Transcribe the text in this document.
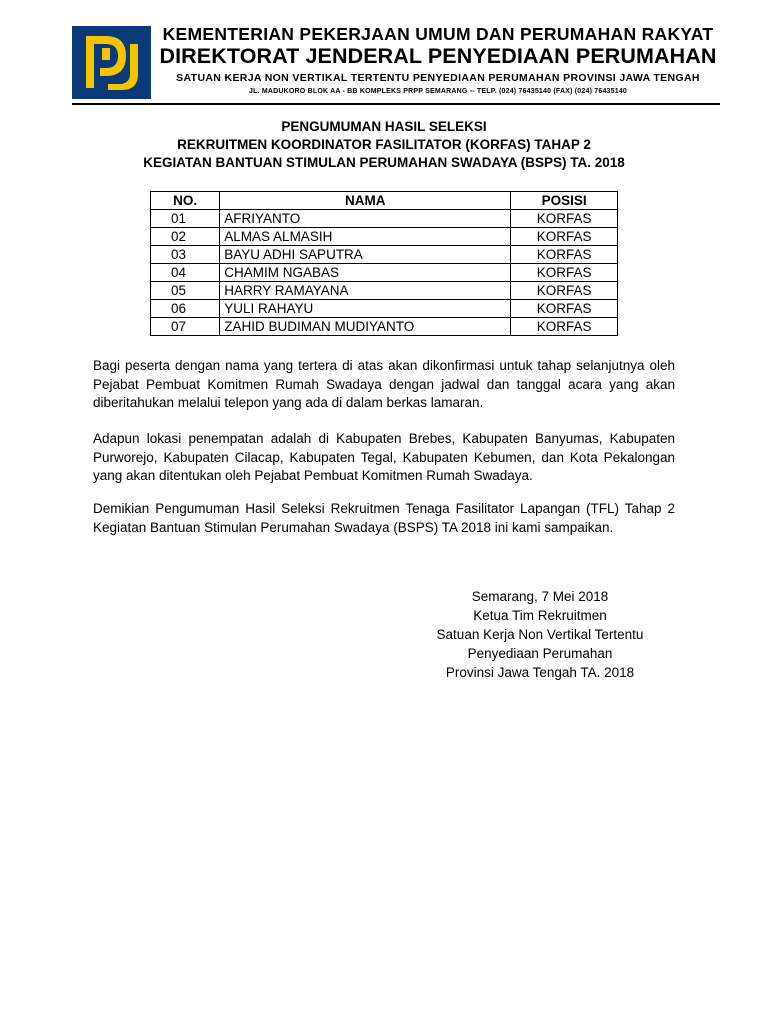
KEMENTERIAN PEKERJAAN UMUM DAN PERUMAHAN RAKYAT
DIREKTORAT JENDERAL PENYEDIAAN PERUMAHAN
SATUAN KERJA NON VERTIKAL TERTENTU PENYEDIAAN PERUMAHAN PROVINSI JAWA TENGAH
JL. MADUKORO BLOK AA - BB KOMPLEKS PRPP SEMARANG -- TELP. (024) 76435140 (FAX) (024) 76435140
PENGUMUMAN HASIL SELEKSI
REKRUITMEN KOORDINATOR FASILITATOR (KORFAS) TAHAP 2
KEGIATAN BANTUAN STIMULAN PERUMAHAN SWADAYA (BSPS) TA. 2018
NO.	NAMA	POSISI
01	AFRIYANTO	KORFAS
02	ALMAS ALMASIH	KORFAS
03	BAYU ADHI SAPUTRA	KORFAS
04	CHAMIM NGABAS	KORFAS
05	HARRY RAMAYANA	KORFAS
06	YULI RAHAYU	KORFAS
07	ZAHID BUDIMAN MUDIYANTO	KORFAS
Bagi peserta dengan nama yang tertera di atas akan dikonfirmasi untuk tahap selanjutnya oleh Pejabat Pembuat Komitmen Rumah Swadaya dengan jadwal dan tanggal acara yang akan diberitahukan melalui telepon yang ada di dalam berkas lamaran.
Adapun lokasi penempatan adalah di Kabupaten Brebes, Kabupaten Banyumas, Kabupaten Purworejo, Kabupaten Cilacap, Kabupaten Tegal, Kabupaten Kebumen, dan Kota Pekalongan yang akan ditentukan oleh Pejabat Pembuat Komitmen Rumah Swadaya.
Demikian Pengumuman Hasil Seleksi Rekruitmen Tenaga Fasilitator Lapangan (TFL) Tahap 2 Kegiatan Bantuan Stimulan Perumahan Swadaya (BSPS) TA 2018 ini kami sampaikan.
Semarang, 7 Mei 2018
Ketua Tim Rekruitmen
Satuan Kerja Non Vertikal Tertentu
Penyediaan Perumahan
Provinsi Jawa Tengah TA. 2018
